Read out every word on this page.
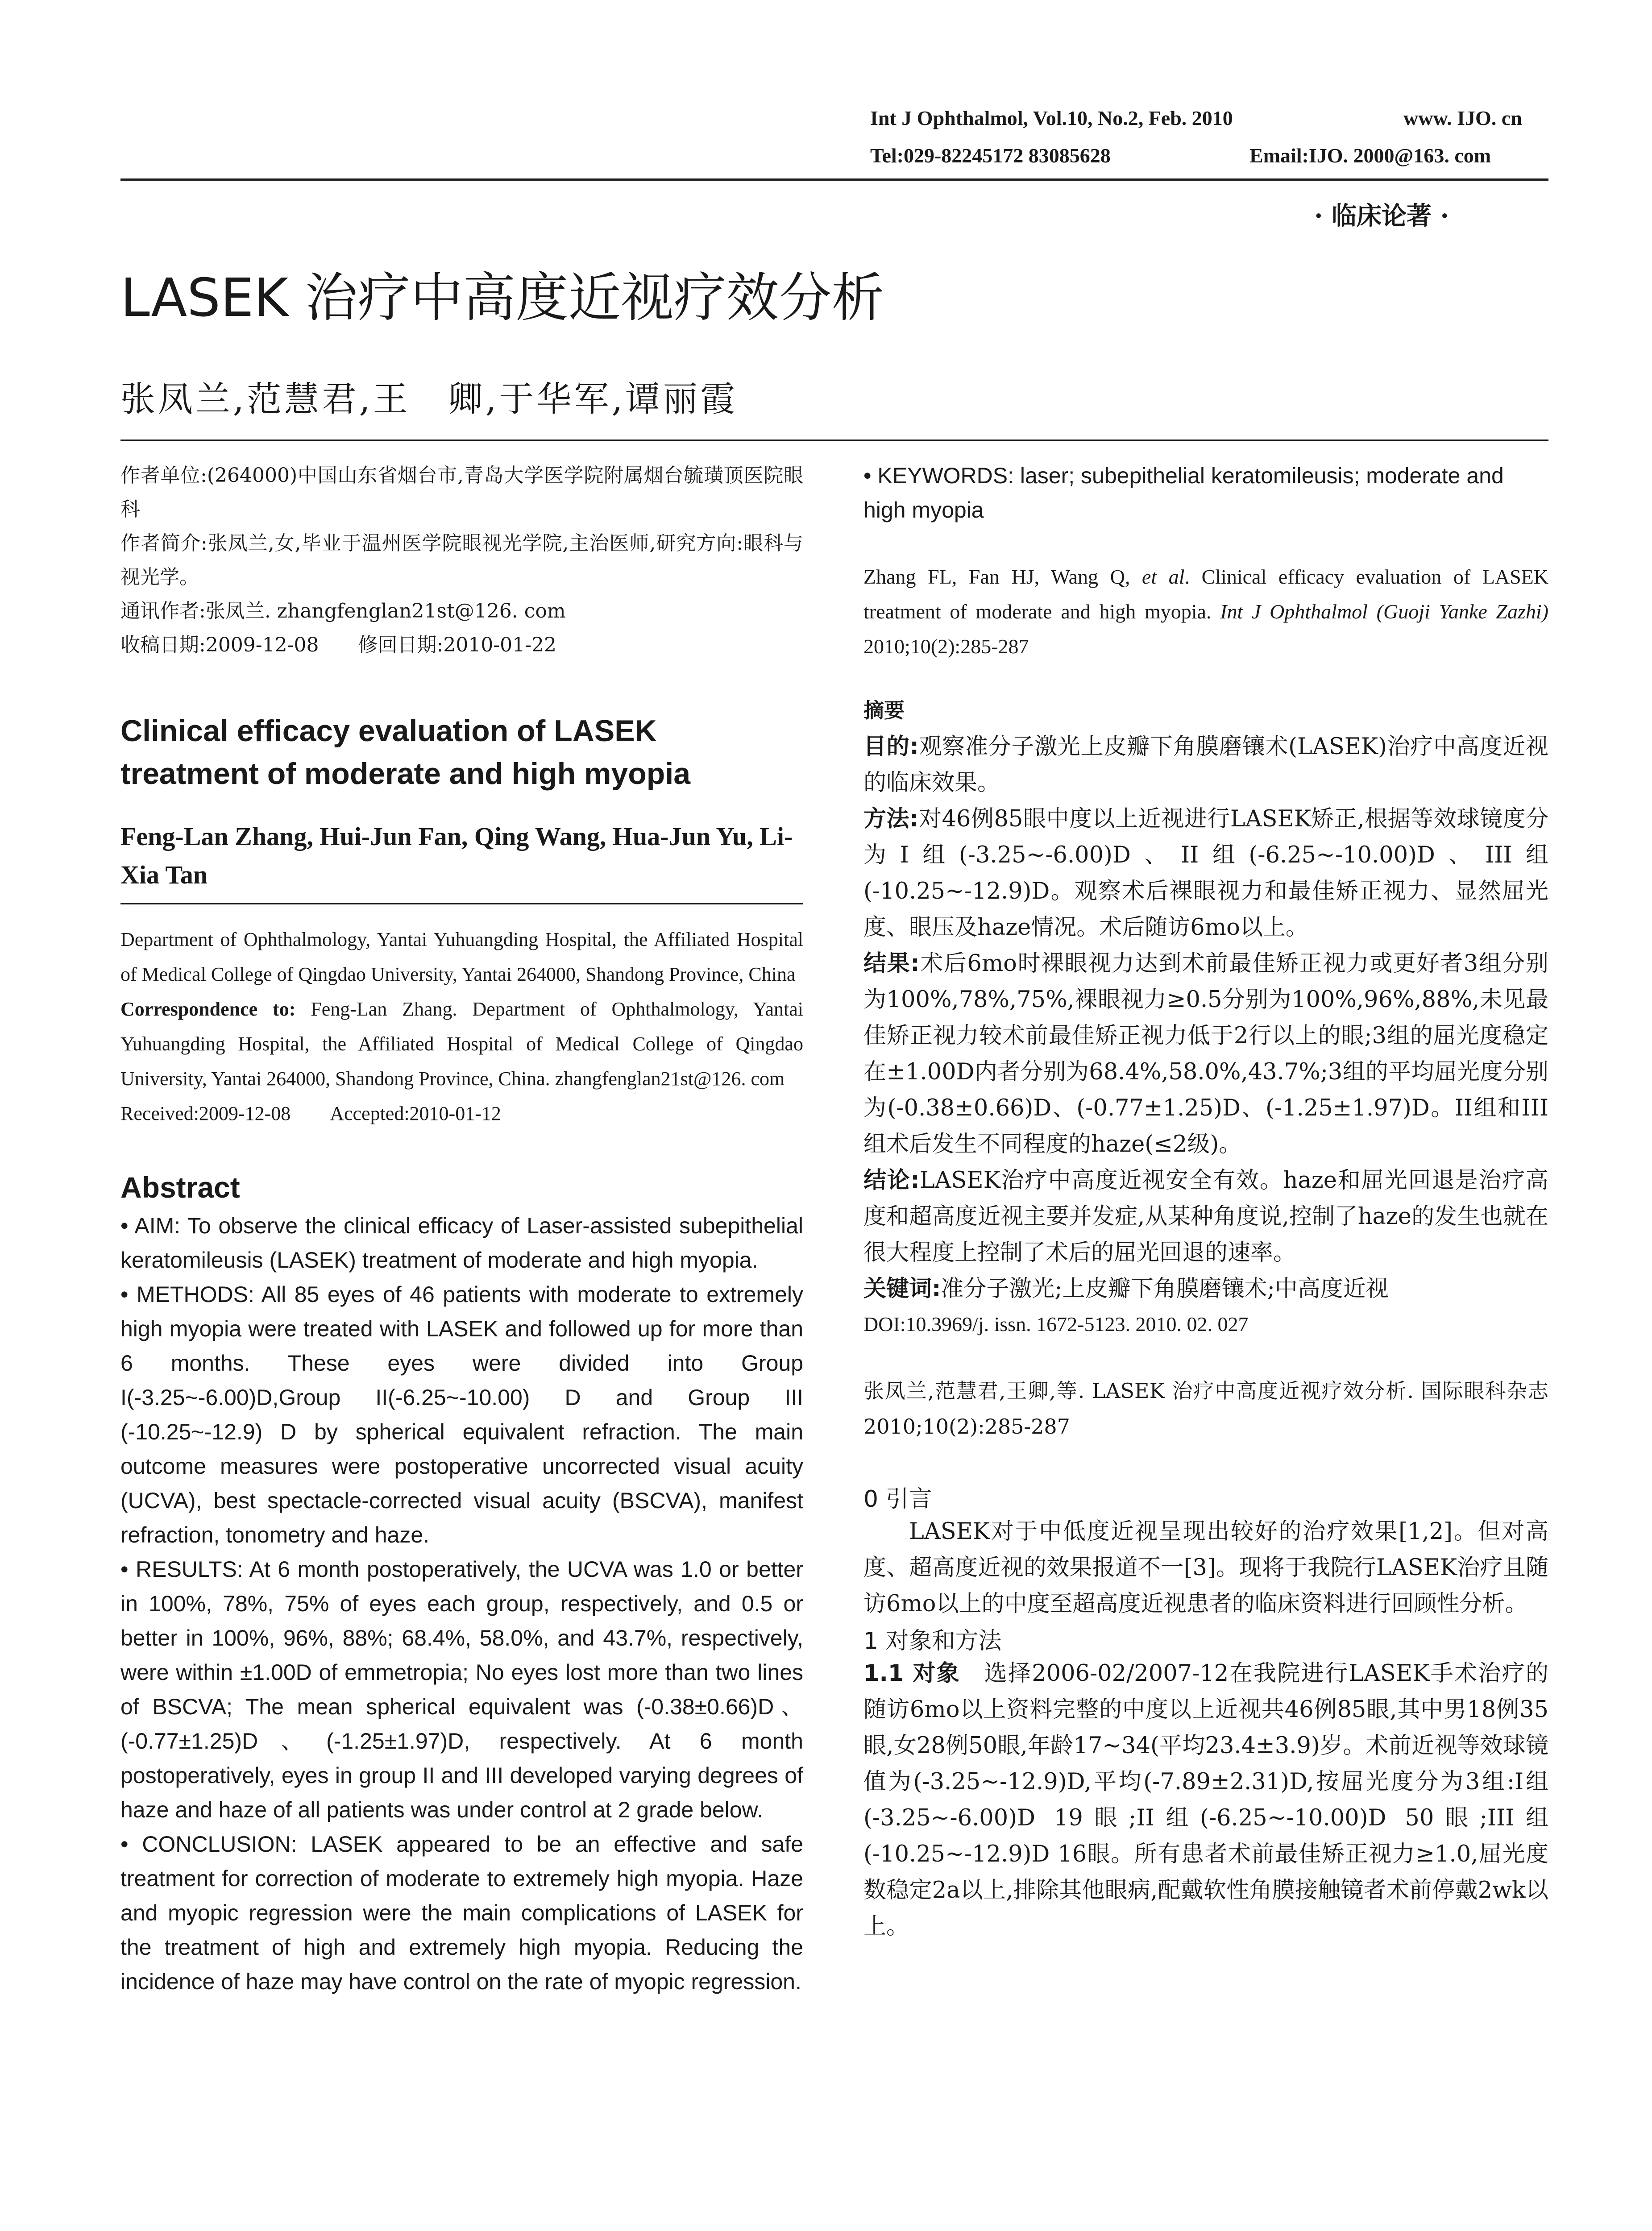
Int J Ophthalmol, Vol.10, No.2, Feb. 2010	www. IJO. cn
Tel:029-82245172 83085628	Email:IJO. 2000@163. com
· 临床论著 ·
LASEK 治疗中高度近视疗效分析
张凤兰,范慧君,王　卿,于华军,谭丽霞

作者单位:(264000)中国山东省烟台市,青岛大学医学院附属烟台毓璜顶医院眼科

作者简介:张凤兰,女,毕业于温州医学院眼视光学院,主治医师,研究方向:眼科与视光学。

通讯作者:张凤兰. zhangfenglan21st@126. com

收稿日期:2009-12-08　　修回日期:2010-01-22

Clinical efficacy evaluation of LASEK treatment of moderate and high myopia

Feng-Lan Zhang, Hui-Jun Fan, Qing Wang, Hua-Jun Yu, Li-Xia Tan

Department of Ophthalmology, Yantai Yuhuangding Hospital, the Affiliated Hospital of Medical College of Qingdao University, Yantai 264000, Shandong Province, China

Correspondence to: Feng-Lan Zhang. Department of Ophthalmology, Yantai Yuhuangding Hospital, the Affiliated Hospital of Medical College of Qingdao University, Yantai 264000, Shandong Province, China. zhangfenglan21st@126. com

Received:2009-12-08　　Accepted:2010-01-12

Abstract

• AIM: To observe the clinical efficacy of Laser-assisted subepithelial keratomileusis (LASEK) treatment of moderate and high myopia.

• METHODS: All 85 eyes of 46 patients with moderate to extremely high myopia were treated with LASEK and followed up for more than 6 months. These eyes were divided into Group I(-3.25~-6.00)D,Group II(-6.25~-10.00) D and Group III (-10.25~-12.9) D by spherical equivalent refraction. The main outcome measures were postoperative uncorrected visual acuity (UCVA), best spectacle-corrected visual acuity (BSCVA), manifest refraction, tonometry and haze.

• RESULTS: At 6 month postoperatively, the UCVA was 1.0 or better in 100%, 78%, 75% of eyes each group, respectively, and 0.5 or better in 100%, 96%, 88%; 68.4%, 58.0%, and 43.7%, respectively, were within ±1.00D of emmetropia; No eyes lost more than two lines of BSCVA; The mean spherical equivalent was (-0.38±0.66)D、(-0.77±1.25)D、(-1.25±1.97)D, respectively. At 6 month postoperatively, eyes in group II and III developed varying degrees of haze and haze of all patients was under control at 2 grade below.

• CONCLUSION: LASEK appeared to be an effective and safe treatment for correction of moderate to extremely high myopia. Haze and myopic regression were the main complications of LASEK for the treatment of high and extremely high myopia. Reducing the incidence of haze may have control on the rate of myopic regression.

• KEYWORDS: laser; subepithelial keratomileusis; moderate and high myopia

Zhang FL, Fan HJ, Wang Q, et al. Clinical efficacy evaluation of LASEK treatment of moderate and high myopia. Int J Ophthalmol (Guoji Yanke Zazhi) 2010;10(2):285-287

摘要

目的:观察准分子激光上皮瓣下角膜磨镶术(LASEK)治疗中高度近视的临床效果。

方法:对46例85眼中度以上近视进行LASEK矫正,根据等效球镜度分为I组(-3.25~-6.00)D、II组(-6.25~-10.00)D、III组(-10.25~-12.9)D。观察术后裸眼视力和最佳矫正视力、显然屈光度、眼压及haze情况。术后随访6mo以上。

结果:术后6mo时裸眼视力达到术前最佳矫正视力或更好者3组分别为100%,78%,75%,裸眼视力≥0.5分别为100%,96%,88%,未见最佳矫正视力较术前最佳矫正视力低于2行以上的眼;3组的屈光度稳定在±1.00D内者分别为68.4%,58.0%,43.7%;3组的平均屈光度分别为(-0.38±0.66)D、(-0.77±1.25)D、(-1.25±1.97)D。II组和III组术后发生不同程度的haze(≤2级)。

结论:LASEK治疗中高度近视安全有效。haze和屈光回退是治疗高度和超高度近视主要并发症,从某种角度说,控制了haze的发生也就在很大程度上控制了术后的屈光回退的速率。

关键词:准分子激光;上皮瓣下角膜磨镶术;中高度近视

DOI:10.3969/j. issn. 1672-5123. 2010. 02. 027

张凤兰,范慧君,王卿,等. LASEK 治疗中高度近视疗效分析. 国际眼科杂志 2010;10(2):285-287

0 引言

LASEK对于中低度近视呈现出较好的治疗效果[1,2]。但对高度、超高度近视的效果报道不一[3]。现将于我院行LASEK治疗且随访6mo以上的中度至超高度近视患者的临床资料进行回顾性分析。

1 对象和方法

1.1 对象　选择2006-02/2007-12在我院进行LASEK手术治疗的随访6mo以上资料完整的中度以上近视共46例85眼,其中男18例35眼,女28例50眼,年龄17~34(平均23.4±3.9)岁。术前近视等效球镜值为(-3.25~-12.9)D,平均(-7.89±2.31)D,按屈光度分为3组:I组(-3.25~-6.00)D 19眼;II组(-6.25~-10.00)D 50眼;III组(-10.25~-12.9)D 16眼。所有患者术前最佳矫正视力≥1.0,屈光度数稳定2a以上,排除其他眼病,配戴软性角膜接触镜者术前停戴2wk以上。
